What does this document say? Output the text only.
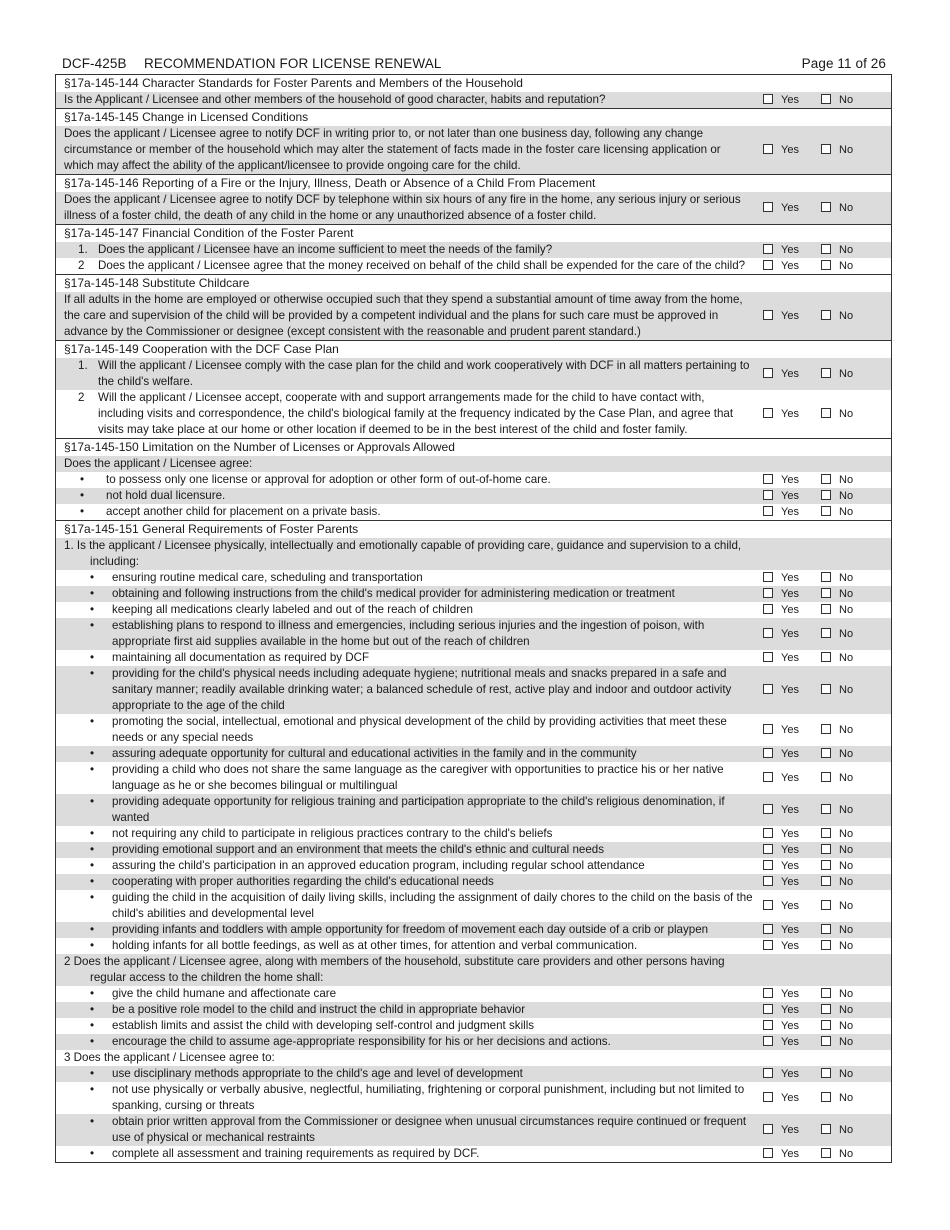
DCF-425B RECOMMENDATION FOR LICENSE RENEWAL	Page 11 of 26
§17a-145-144 Character Standards for Foster Parents and Members of the Household
Is the Applicant / Licensee and other members of the household of good character, habits and reputation?	Yes	No
§17a-145-145 Change in Licensed Conditions
Does the applicant / Licensee agree to notify DCF in writing prior to, or not later than one business day, following any change circumstance or member of the household which may alter the statement of facts made in the foster care licensing application or which may affect the ability of the applicant/licensee to provide ongoing care for the child.
Yes	No
§17a-145-146 Reporting of a Fire or the Injury, Illness, Death or Absence of a Child From Placement
Does the applicant / Licensee agree to notify DCF by telephone within six hours of any fire in the home, any serious injury or serious illness of a foster child, the death of any child in the home or any unauthorized absence of a foster child.
Yes	No
§17a-145-147 Financial Condition of the Foster Parent
1. Does the applicant / Licensee have an income sufficient to meet the needs of the family?	Yes	No
2	Does the applicant / Licensee agree that the money received on behalf of the child shall be expended for the care of the child?	Yes	No
§17a-145-148 Substitute Childcare
If all adults in the home are employed or otherwise occupied such that they spend a substantial amount of time away from the home, the care and supervision of the child will be provided by a competent individual and the plans for such care must be approved in advance by the Commissioner or designee (except consistent with the reasonable and prudent parent standard.)
Yes	No
§17a-145-149 Cooperation with the DCF Case Plan
1. Will the applicant / Licensee comply with the case plan for the child and work cooperatively with DCF in all matters pertaining to the child's welfare.
Yes	No
2	Will the applicant / Licensee accept, cooperate with and support arrangements made for the child to have contact with, including visits and correspondence, the child's biological family at the frequency indicated by the Case Plan, and agree that visits may take place at our home or other location if deemed to be in the best interest of the child and foster family.
Yes	No
§17a-145-150 Limitation on the Number of Licenses or Approvals Allowed
Does the applicant / Licensee agree:
•	to possess only one license or approval for adoption or other form of out-of-home care.	Yes	No
•	not hold dual licensure.	Yes	No
•	accept another child for placement on a private basis.	Yes	No
§17a-145-151 General Requirements of Foster Parents
1. Is the applicant / Licensee physically, intellectually and emotionally capable of providing care, guidance and supervision to a child, including:
•	ensuring routine medical care, scheduling and transportation	Yes	No
•	obtaining and following instructions from the child's medical provider for administering medication or treatment	Yes	No
•	keeping all medications clearly labeled and out of the reach of children	Yes	No
•	establishing plans to respond to illness and emergencies, including serious injuries and the ingestion of poison, with appropriate first aid supplies available in the home but out of the reach of children
Yes	No
•	maintaining all documentation as required by DCF	Yes	No
•	providing for the child's physical needs including adequate hygiene; nutritional meals and snacks prepared in a safe and sanitary manner; readily available drinking water; a balanced schedule of rest, active play and indoor and outdoor activity appropriate to the age of the child
Yes	No
•	promoting the social, intellectual, emotional and physical development of the child by providing activities that meet these needs or any special needs
Yes	No
•	assuring adequate opportunity for cultural and educational activities in the family and in the community	Yes	No
•	providing a child who does not share the same language as the caregiver with opportunities to practice his or her native language as he or she becomes bilingual or multilingual
Yes	No
•	providing adequate opportunity for religious training and participation appropriate to the child's religious denomination, if wanted
Yes	No
•	not requiring any child to participate in religious practices contrary to the child's beliefs	Yes	No
•	providing emotional support and an environment that meets the child's ethnic and cultural needs	Yes	No
•	assuring the child's participation in an approved education program, including regular school attendance	Yes	No
•	cooperating with proper authorities regarding the child's educational needs	Yes	No
•	guiding the child in the acquisition of daily living skills, including the assignment of daily chores to the child on the basis of the child's abilities and developmental level
Yes	No
•	providing infants and toddlers with ample opportunity for freedom of movement each day outside of a crib or playpen	Yes	No
•	holding infants for all bottle feedings, as well as at other times, for attention and verbal communication.	Yes	No
2 Does the applicant / Licensee agree, along with members of the household, substitute care providers and other persons having regular access to the children the home shall:
•	give the child humane and affectionate care	Yes	No
•	be a positive role model to the child and instruct the child in appropriate behavior	Yes	No
•	establish limits and assist the child with developing self-control and judgment skills	Yes	No
•	encourage the child to assume age-appropriate responsibility for his or her decisions and actions.	Yes	No
3 Does the applicant / Licensee agree to:
•	use disciplinary methods appropriate to the child's age and level of development	Yes	No
•	not use physically or verbally abusive, neglectful, humiliating, frightening or corporal punishment, including but not limited to spanking, cursing or threats
Yes	No
•	obtain prior written approval from the Commissioner or designee when unusual circumstances require continued or frequent use of physical or mechanical restraints
Yes	No
•	complete all assessment and training requirements as required by DCF.	Yes	No
